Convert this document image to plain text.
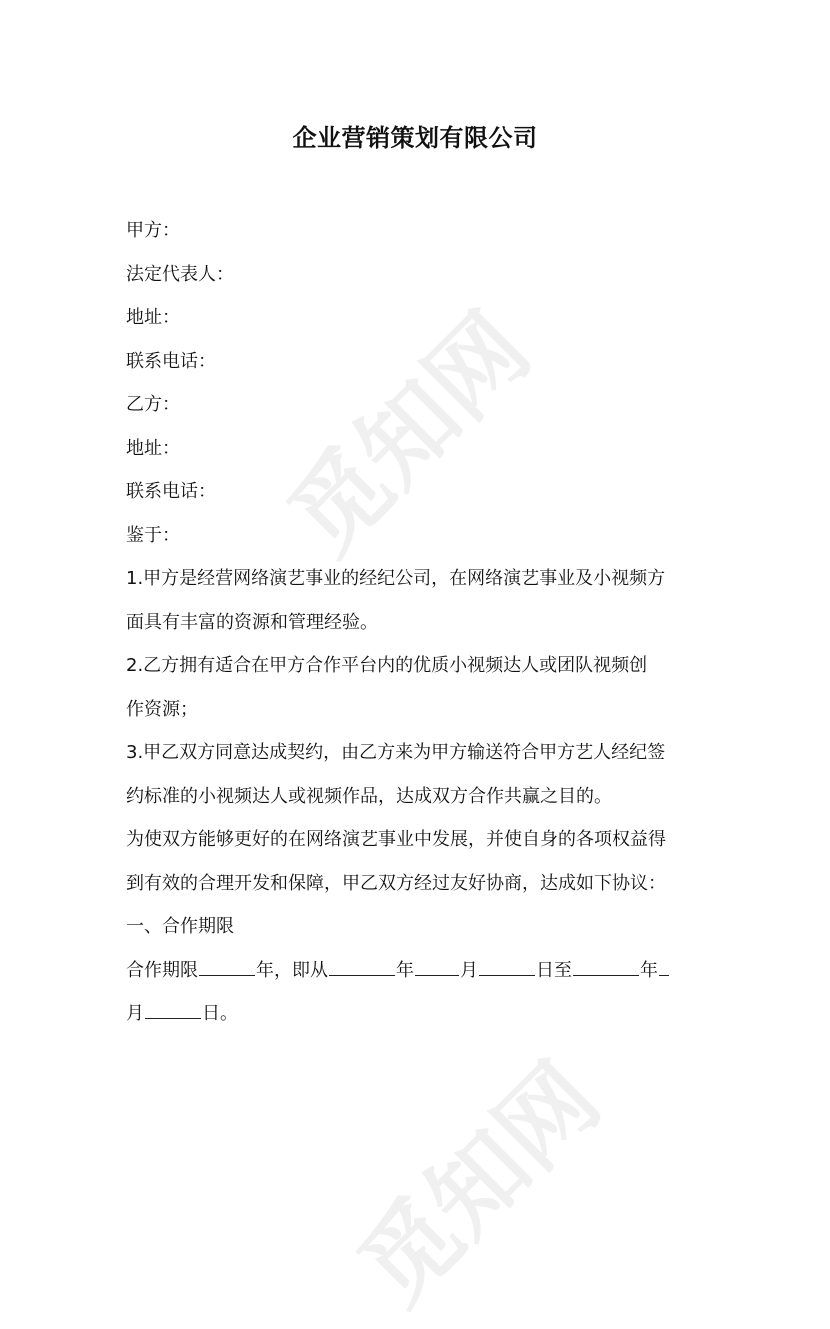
觅知网
觅知网
企业营销策划有限公司
甲方：
法定代表人：
地址：
联系电话：
乙方：
地址：
联系电话：
鉴于：
1.甲方是经营网络演艺事业的经纪公司，在网络演艺事业及小视频方
面具有丰富的资源和管理经验。
2.乙方拥有适合在甲方合作平台内的优质小视频达人或团队视频创
作资源；
3.甲乙双方同意达成契约，由乙方来为甲方输送符合甲方艺人经纪签
约标准的小视频达人或视频作品，达成双方合作共赢之目的。
为使双方能够更好的在网络演艺事业中发展，并使自身的各项权益得
到有效的合理开发和保障，甲乙双方经过友好协商，达成如下协议：
一、合作期限
合作期限	年，即从	年	月	日至	年
月	日。
